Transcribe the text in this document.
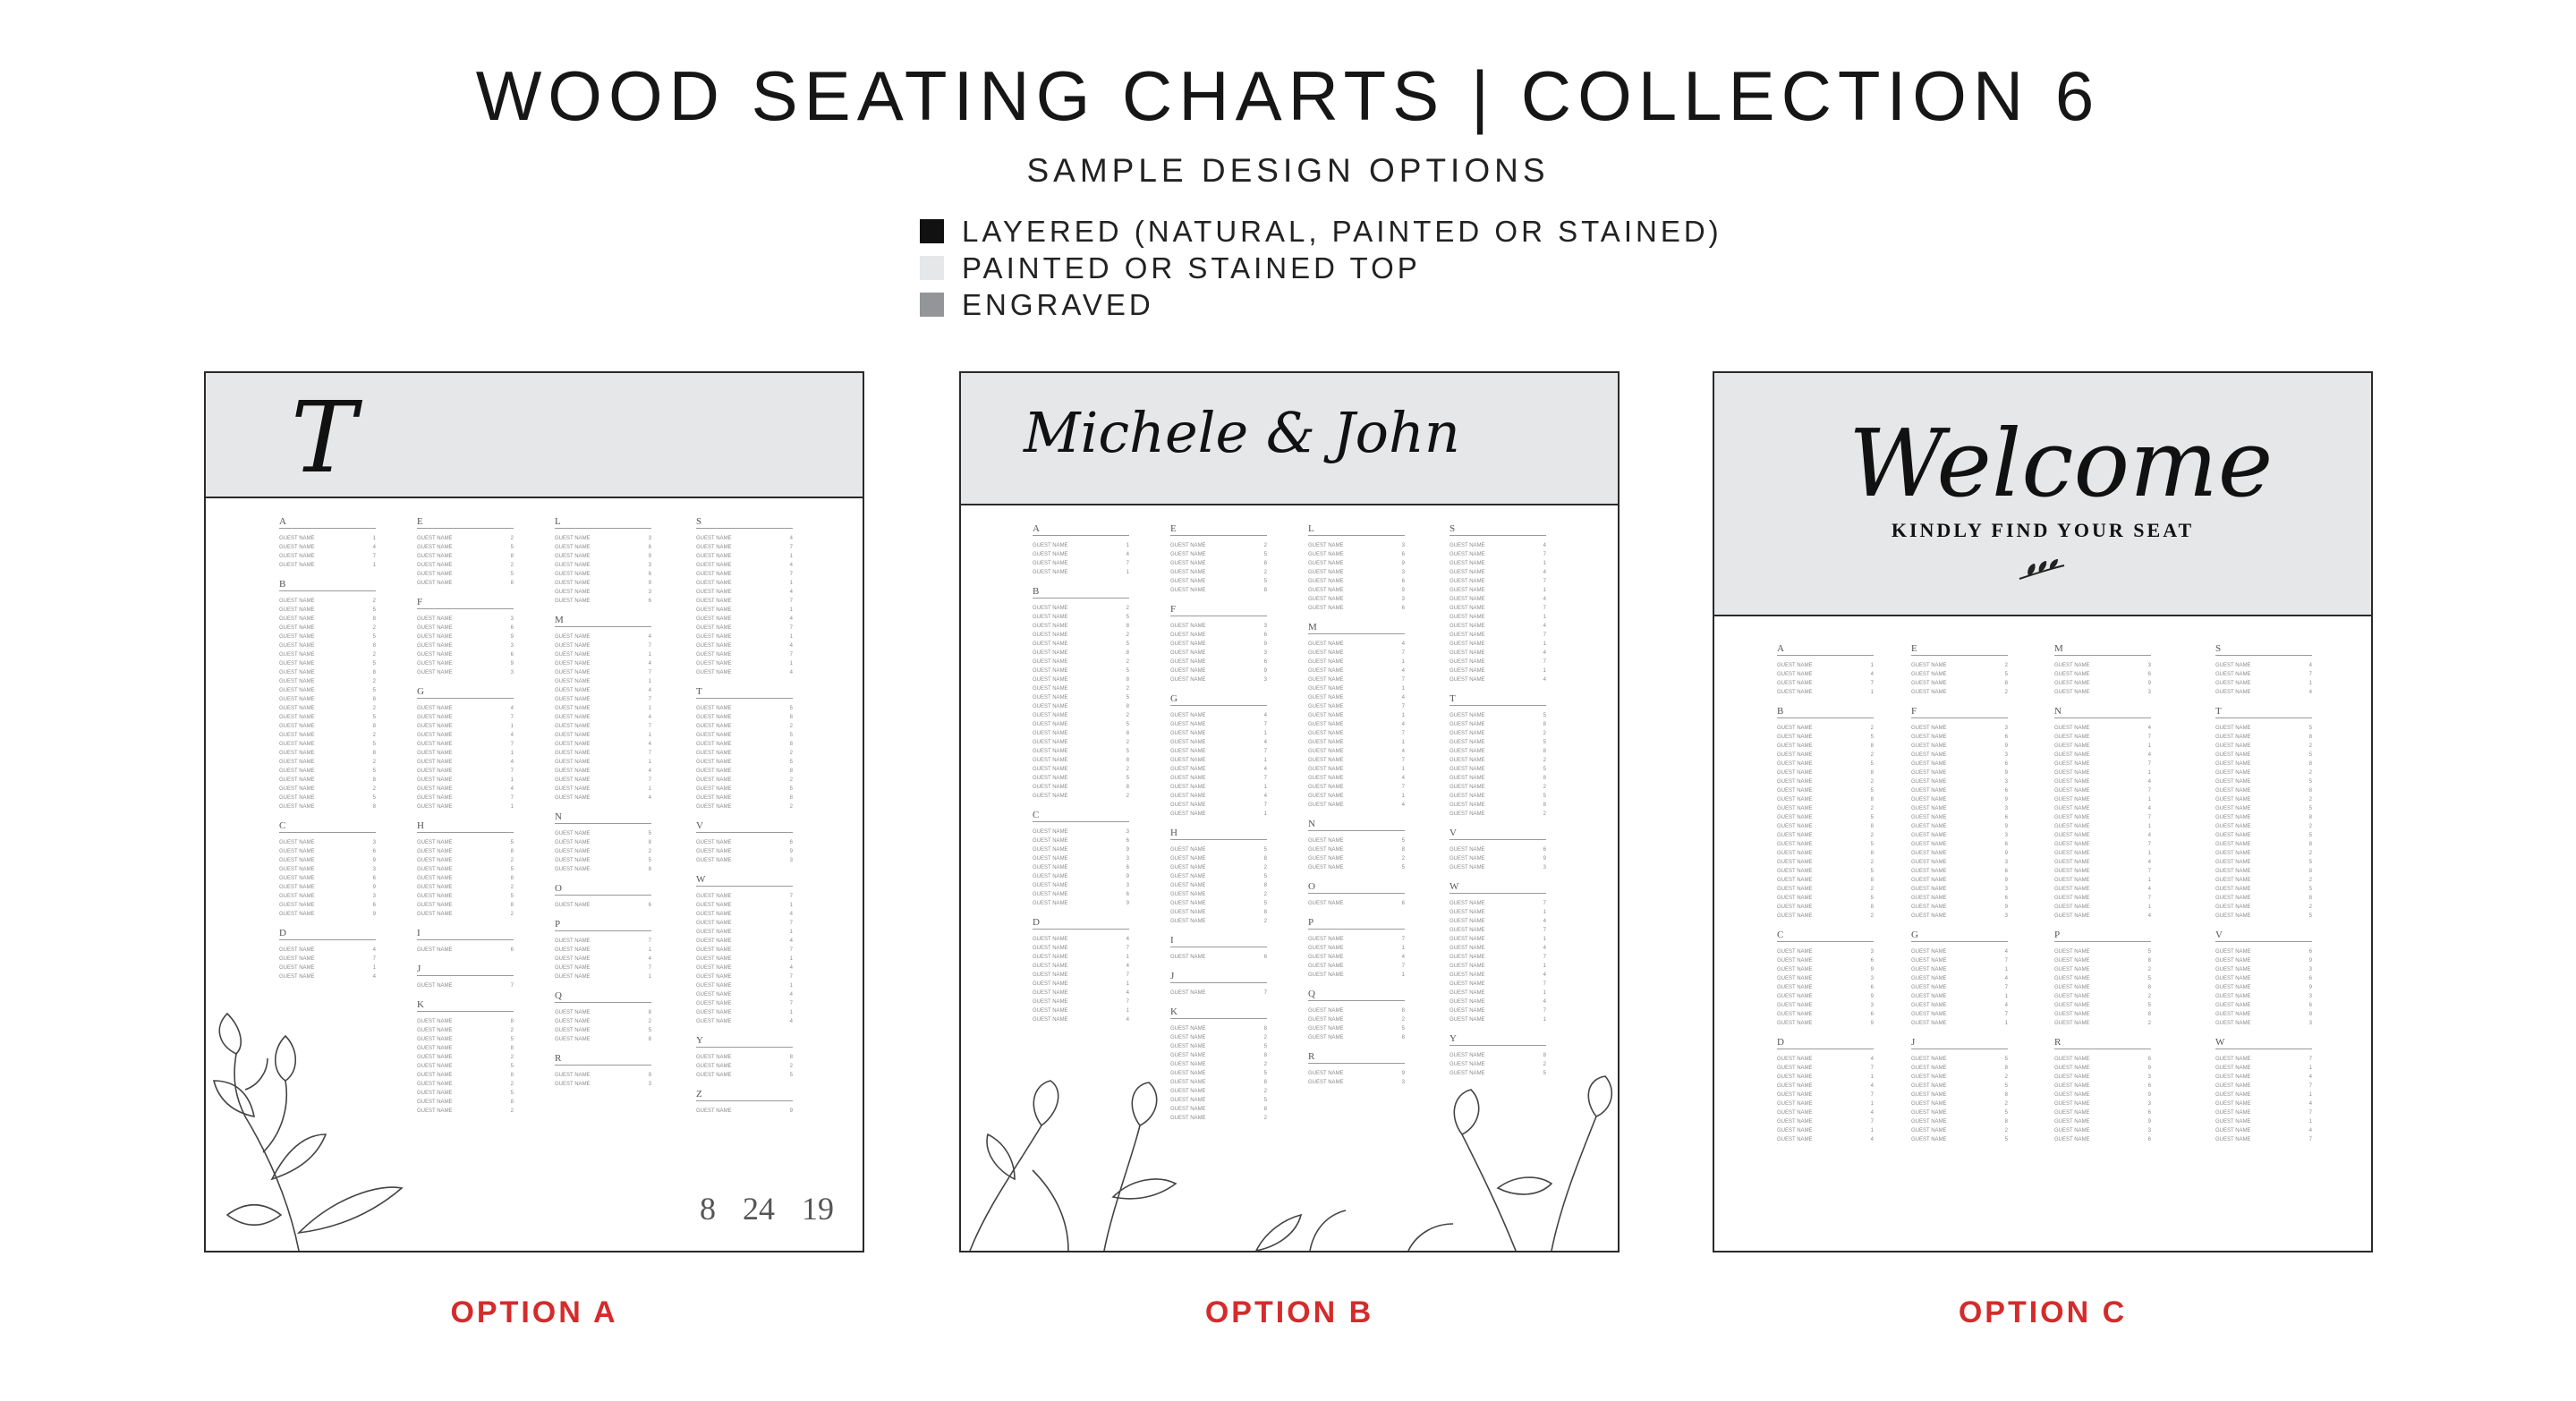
WOOD SEATING CHARTS | COLLECTION 6
SAMPLE DESIGN OPTIONS
LAYERED (NATURAL, PAINTED OR STAINED)
PAINTED OR STAINED TOP
ENGRAVED
T
A
GUEST NAME	1
GUEST NAME	4
GUEST NAME	7
GUEST NAME	1
B
GUEST NAME	2
GUEST NAME	5
GUEST NAME	8
GUEST NAME	2
GUEST NAME	5
GUEST NAME	8
GUEST NAME	2
GUEST NAME	5
GUEST NAME	8
GUEST NAME	2
GUEST NAME	5
GUEST NAME	8
GUEST NAME	2
GUEST NAME	5
GUEST NAME	8
GUEST NAME	2
GUEST NAME	5
GUEST NAME	8
GUEST NAME	2
GUEST NAME	5
GUEST NAME	8
GUEST NAME	2
GUEST NAME	5
GUEST NAME	8
C
GUEST NAME	3
GUEST NAME	6
GUEST NAME	9
GUEST NAME	3
GUEST NAME	6
GUEST NAME	9
GUEST NAME	3
GUEST NAME	6
GUEST NAME	9
D
GUEST NAME	4
GUEST NAME	7
GUEST NAME	1
GUEST NAME	4
E
GUEST NAME	2
GUEST NAME	5
GUEST NAME	8
GUEST NAME	2
GUEST NAME	5
GUEST NAME	8
F
GUEST NAME	3
GUEST NAME	6
GUEST NAME	9
GUEST NAME	3
GUEST NAME	6
GUEST NAME	9
GUEST NAME	3
G
GUEST NAME	4
GUEST NAME	7
GUEST NAME	1
GUEST NAME	4
GUEST NAME	7
GUEST NAME	1
GUEST NAME	4
GUEST NAME	7
GUEST NAME	1
GUEST NAME	4
GUEST NAME	7
GUEST NAME	1
H
GUEST NAME	5
GUEST NAME	8
GUEST NAME	2
GUEST NAME	5
GUEST NAME	8
GUEST NAME	2
GUEST NAME	5
GUEST NAME	8
GUEST NAME	2
I
GUEST NAME	6
J
GUEST NAME	7
K
GUEST NAME	8
GUEST NAME	2
GUEST NAME	5
GUEST NAME	8
GUEST NAME	2
GUEST NAME	5
GUEST NAME	8
GUEST NAME	2
GUEST NAME	5
GUEST NAME	8
GUEST NAME	2
L
GUEST NAME	3
GUEST NAME	6
GUEST NAME	9
GUEST NAME	3
GUEST NAME	6
GUEST NAME	9
GUEST NAME	3
GUEST NAME	6
M
GUEST NAME	4
GUEST NAME	7
GUEST NAME	1
GUEST NAME	4
GUEST NAME	7
GUEST NAME	1
GUEST NAME	4
GUEST NAME	7
GUEST NAME	1
GUEST NAME	4
GUEST NAME	7
GUEST NAME	1
GUEST NAME	4
GUEST NAME	7
GUEST NAME	1
GUEST NAME	4
GUEST NAME	7
GUEST NAME	1
GUEST NAME	4
N
GUEST NAME	5
GUEST NAME	8
GUEST NAME	2
GUEST NAME	5
GUEST NAME	8
O
GUEST NAME	6
P
GUEST NAME	7
GUEST NAME	1
GUEST NAME	4
GUEST NAME	7
GUEST NAME	1
Q
GUEST NAME	8
GUEST NAME	2
GUEST NAME	5
GUEST NAME	8
R
GUEST NAME	9
GUEST NAME	3
S
GUEST NAME	4
GUEST NAME	7
GUEST NAME	1
GUEST NAME	4
GUEST NAME	7
GUEST NAME	1
GUEST NAME	4
GUEST NAME	7
GUEST NAME	1
GUEST NAME	4
GUEST NAME	7
GUEST NAME	1
GUEST NAME	4
GUEST NAME	7
GUEST NAME	1
GUEST NAME	4
T
GUEST NAME	5
GUEST NAME	8
GUEST NAME	2
GUEST NAME	5
GUEST NAME	8
GUEST NAME	2
GUEST NAME	5
GUEST NAME	8
GUEST NAME	2
GUEST NAME	5
GUEST NAME	8
GUEST NAME	2
V
GUEST NAME	6
GUEST NAME	9
GUEST NAME	3
W
GUEST NAME	7
GUEST NAME	1
GUEST NAME	4
GUEST NAME	7
GUEST NAME	1
GUEST NAME	4
GUEST NAME	7
GUEST NAME	1
GUEST NAME	4
GUEST NAME	7
GUEST NAME	1
GUEST NAME	4
GUEST NAME	7
GUEST NAME	1
GUEST NAME	4
Y
GUEST NAME	8
GUEST NAME	2
GUEST NAME	5
Z
GUEST NAME	9
8 24 19
Michele & John
A
GUEST NAME	1
GUEST NAME	4
GUEST NAME	7
GUEST NAME	1
B
GUEST NAME	2
GUEST NAME	5
GUEST NAME	8
GUEST NAME	2
GUEST NAME	5
GUEST NAME	8
GUEST NAME	2
GUEST NAME	5
GUEST NAME	8
GUEST NAME	2
GUEST NAME	5
GUEST NAME	8
GUEST NAME	2
GUEST NAME	5
GUEST NAME	8
GUEST NAME	2
GUEST NAME	5
GUEST NAME	8
GUEST NAME	2
GUEST NAME	5
GUEST NAME	8
GUEST NAME	2
C
GUEST NAME	3
GUEST NAME	6
GUEST NAME	9
GUEST NAME	3
GUEST NAME	6
GUEST NAME	9
GUEST NAME	3
GUEST NAME	6
GUEST NAME	9
D
GUEST NAME	4
GUEST NAME	7
GUEST NAME	1
GUEST NAME	4
GUEST NAME	7
GUEST NAME	1
GUEST NAME	4
GUEST NAME	7
GUEST NAME	1
GUEST NAME	4
E
GUEST NAME	2
GUEST NAME	5
GUEST NAME	8
GUEST NAME	2
GUEST NAME	5
GUEST NAME	8
F
GUEST NAME	3
GUEST NAME	6
GUEST NAME	9
GUEST NAME	3
GUEST NAME	6
GUEST NAME	9
GUEST NAME	3
G
GUEST NAME	4
GUEST NAME	7
GUEST NAME	1
GUEST NAME	4
GUEST NAME	7
GUEST NAME	1
GUEST NAME	4
GUEST NAME	7
GUEST NAME	1
GUEST NAME	4
GUEST NAME	7
GUEST NAME	1
H
GUEST NAME	5
GUEST NAME	8
GUEST NAME	2
GUEST NAME	5
GUEST NAME	8
GUEST NAME	2
GUEST NAME	5
GUEST NAME	8
GUEST NAME	2
I
GUEST NAME	6
J
GUEST NAME	7
K
GUEST NAME	8
GUEST NAME	2
GUEST NAME	5
GUEST NAME	8
GUEST NAME	2
GUEST NAME	5
GUEST NAME	8
GUEST NAME	2
GUEST NAME	5
GUEST NAME	8
GUEST NAME	2
L
GUEST NAME	3
GUEST NAME	6
GUEST NAME	9
GUEST NAME	3
GUEST NAME	6
GUEST NAME	9
GUEST NAME	3
GUEST NAME	6
M
GUEST NAME	4
GUEST NAME	7
GUEST NAME	1
GUEST NAME	4
GUEST NAME	7
GUEST NAME	1
GUEST NAME	4
GUEST NAME	7
GUEST NAME	1
GUEST NAME	4
GUEST NAME	7
GUEST NAME	1
GUEST NAME	4
GUEST NAME	7
GUEST NAME	1
GUEST NAME	4
GUEST NAME	7
GUEST NAME	1
GUEST NAME	4
N
GUEST NAME	5
GUEST NAME	8
GUEST NAME	2
GUEST NAME	5
O
GUEST NAME	6
P
GUEST NAME	7
GUEST NAME	1
GUEST NAME	4
GUEST NAME	7
GUEST NAME	1
Q
GUEST NAME	8
GUEST NAME	2
GUEST NAME	5
GUEST NAME	8
R
GUEST NAME	9
GUEST NAME	3
S
GUEST NAME	4
GUEST NAME	7
GUEST NAME	1
GUEST NAME	4
GUEST NAME	7
GUEST NAME	1
GUEST NAME	4
GUEST NAME	7
GUEST NAME	1
GUEST NAME	4
GUEST NAME	7
GUEST NAME	1
GUEST NAME	4
GUEST NAME	7
GUEST NAME	1
GUEST NAME	4
T
GUEST NAME	5
GUEST NAME	8
GUEST NAME	2
GUEST NAME	5
GUEST NAME	8
GUEST NAME	2
GUEST NAME	5
GUEST NAME	8
GUEST NAME	2
GUEST NAME	5
GUEST NAME	8
GUEST NAME	2
V
GUEST NAME	6
GUEST NAME	9
GUEST NAME	3
W
GUEST NAME	7
GUEST NAME	1
GUEST NAME	4
GUEST NAME	7
GUEST NAME	1
GUEST NAME	4
GUEST NAME	7
GUEST NAME	1
GUEST NAME	4
GUEST NAME	7
GUEST NAME	1
GUEST NAME	4
GUEST NAME	7
GUEST NAME	1
Y
GUEST NAME	8
GUEST NAME	2
GUEST NAME	5
Welcome
KINDLY FIND YOUR SEAT
A
GUEST NAME	1
GUEST NAME	4
GUEST NAME	7
GUEST NAME	1
B
GUEST NAME	2
GUEST NAME	5
GUEST NAME	8
GUEST NAME	2
GUEST NAME	5
GUEST NAME	8
GUEST NAME	2
GUEST NAME	5
GUEST NAME	8
GUEST NAME	2
GUEST NAME	5
GUEST NAME	8
GUEST NAME	2
GUEST NAME	5
GUEST NAME	8
GUEST NAME	2
GUEST NAME	5
GUEST NAME	8
GUEST NAME	2
GUEST NAME	5
GUEST NAME	8
GUEST NAME	2
C
GUEST NAME	3
GUEST NAME	6
GUEST NAME	9
GUEST NAME	3
GUEST NAME	6
GUEST NAME	9
GUEST NAME	3
GUEST NAME	6
GUEST NAME	9
D
GUEST NAME	4
GUEST NAME	7
GUEST NAME	1
GUEST NAME	4
GUEST NAME	7
GUEST NAME	1
GUEST NAME	4
GUEST NAME	7
GUEST NAME	1
GUEST NAME	4
E
GUEST NAME	2
GUEST NAME	5
GUEST NAME	8
GUEST NAME	2
F
GUEST NAME	3
GUEST NAME	6
GUEST NAME	9
GUEST NAME	3
GUEST NAME	6
GUEST NAME	9
GUEST NAME	3
GUEST NAME	6
GUEST NAME	9
GUEST NAME	3
GUEST NAME	6
GUEST NAME	9
GUEST NAME	3
GUEST NAME	6
GUEST NAME	9
GUEST NAME	3
GUEST NAME	6
GUEST NAME	9
GUEST NAME	3
GUEST NAME	6
GUEST NAME	9
GUEST NAME	3
G
GUEST NAME	4
GUEST NAME	7
GUEST NAME	1
GUEST NAME	4
GUEST NAME	7
GUEST NAME	1
GUEST NAME	4
GUEST NAME	7
GUEST NAME	1
J
GUEST NAME	5
GUEST NAME	8
GUEST NAME	2
GUEST NAME	5
GUEST NAME	8
GUEST NAME	2
GUEST NAME	5
GUEST NAME	8
GUEST NAME	2
GUEST NAME	5
M
GUEST NAME	3
GUEST NAME	6
GUEST NAME	9
GUEST NAME	3
N
GUEST NAME	4
GUEST NAME	7
GUEST NAME	1
GUEST NAME	4
GUEST NAME	7
GUEST NAME	1
GUEST NAME	4
GUEST NAME	7
GUEST NAME	1
GUEST NAME	4
GUEST NAME	7
GUEST NAME	1
GUEST NAME	4
GUEST NAME	7
GUEST NAME	1
GUEST NAME	4
GUEST NAME	7
GUEST NAME	1
GUEST NAME	4
GUEST NAME	7
GUEST NAME	1
GUEST NAME	4
P
GUEST NAME	5
GUEST NAME	8
GUEST NAME	2
GUEST NAME	5
GUEST NAME	8
GUEST NAME	2
GUEST NAME	5
GUEST NAME	8
GUEST NAME	2
R
GUEST NAME	6
GUEST NAME	9
GUEST NAME	3
GUEST NAME	6
GUEST NAME	9
GUEST NAME	3
GUEST NAME	6
GUEST NAME	9
GUEST NAME	3
GUEST NAME	6
S
GUEST NAME	4
GUEST NAME	7
GUEST NAME	1
GUEST NAME	4
T
GUEST NAME	5
GUEST NAME	8
GUEST NAME	2
GUEST NAME	5
GUEST NAME	8
GUEST NAME	2
GUEST NAME	5
GUEST NAME	8
GUEST NAME	2
GUEST NAME	5
GUEST NAME	8
GUEST NAME	2
GUEST NAME	5
GUEST NAME	8
GUEST NAME	2
GUEST NAME	5
GUEST NAME	8
GUEST NAME	2
GUEST NAME	5
GUEST NAME	8
GUEST NAME	2
GUEST NAME	5
V
GUEST NAME	6
GUEST NAME	9
GUEST NAME	3
GUEST NAME	6
GUEST NAME	9
GUEST NAME	3
GUEST NAME	6
GUEST NAME	9
GUEST NAME	3
W
GUEST NAME	7
GUEST NAME	1
GUEST NAME	4
GUEST NAME	7
GUEST NAME	1
GUEST NAME	4
GUEST NAME	7
GUEST NAME	1
GUEST NAME	4
GUEST NAME	7
OPTION A	OPTION B	OPTION C
